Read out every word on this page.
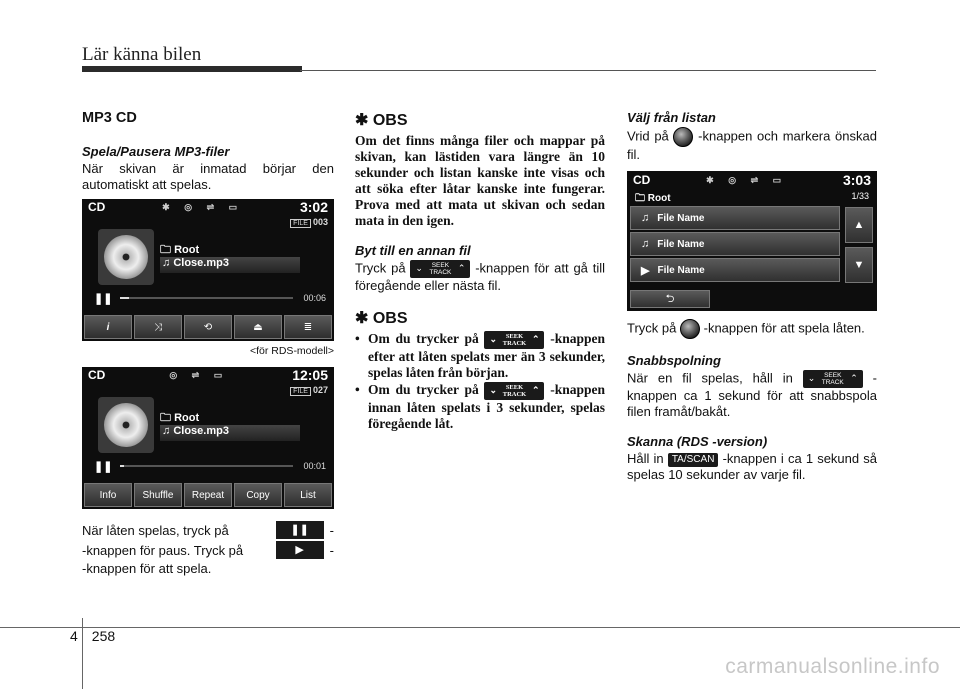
Lär känna bilen
MP3 CD
Spela/Pausera MP3-filer
När skivan är inmatad börjar den automatiskt att spelas.
CD	✱ ◎ ⇌ ▭	3:02
FILE 003
🗀 Root
♫ Close.mp3
❚❚	00:06
i	⤨	⟲	⏏	≣
<för RDS-modell>
CD	◎ ⇌ ▭	12:05
FILE 027
🗀 Root
♫ Close.mp3
❚❚	00:01
Info	Shuffle	Repeat	Copy	List
När låten spelas, tryck på	❚❚	-
-knappen för paus. Tryck på	▶	-
-knappen för att spela.
✱ OBS
Om det finns många filer och mappar på skivan, kan lästiden vara längre än 10 sekunder och listan kanske inte visas och att söka efter låtar kanske inte fungerar. Prova med att mata ut skivan och sedan mata in den igen.
Byt till en annan fil
Tryck på ⌄ SEEK
TRACK ⌃ -knappen för att gå till föregående eller nästa fil.
✱ OBS
• Om du trycker på ⌄ SEEK
TRACK ⌃ -knappen efter att låten spelats mer än 3 sekunder, spelas låten från början.
• Om du trycker på ⌄ SEEK
TRACK ⌃ -knappen innan låten spelats i 3 sekunder, spelas föregående låt.
Välj från listan
Vrid på -knappen och markera önskad fil.
CD	✱ ◎ ⇌ ▭	3:03
🗀 Root	1/33
♫ File Name
♫ File Name
▶ File Name
▲
▼
⮌
Tryck på -knappen för att spela låten.
Snabbspolning
När en fil spelas, håll in ⌄ SEEK
TRACK ⌃ -knappen ca 1 sekund för att snabbspola filen framåt/bakåt.
Skanna (RDS -version)
Håll in TA/SCAN -knappen i ca 1 sekund så spelas 10 sekunder av varje fil.
4 258
carmanualsonline.info
